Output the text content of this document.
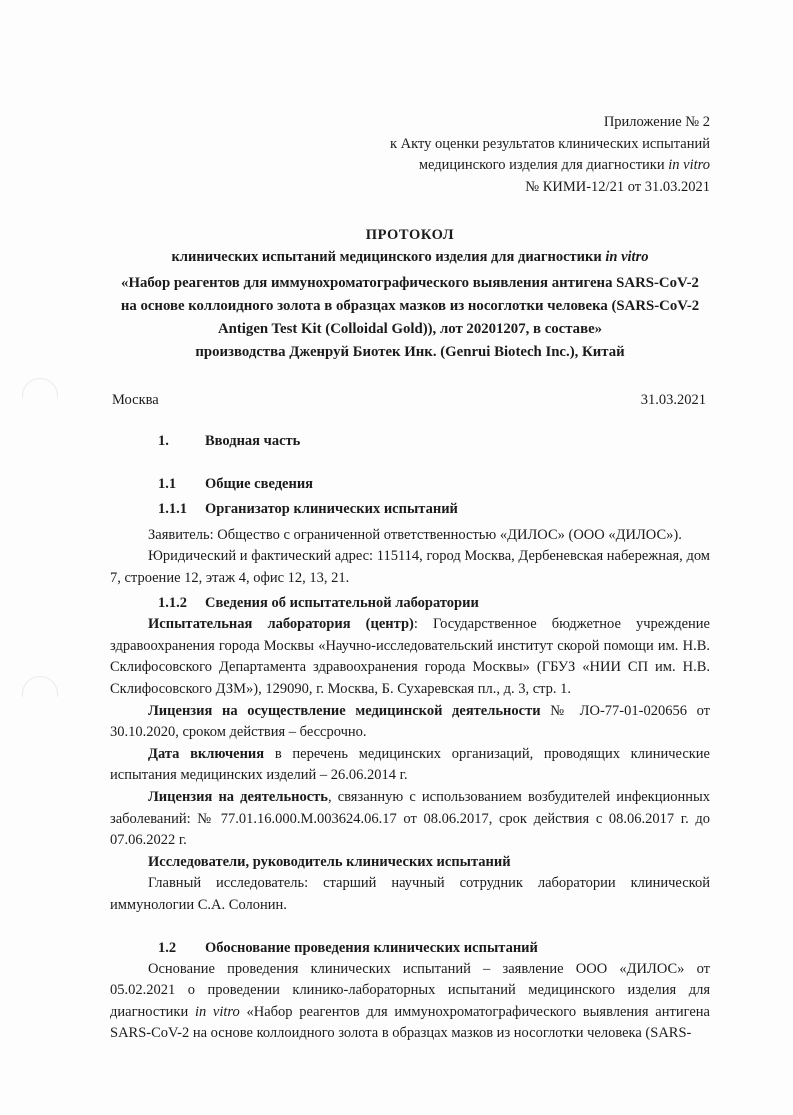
Приложение № 2
к Акту оценки результатов клинических испытаний
медицинского изделия для диагностики in vitro
№ КИМИ-12/21 от 31.03.2021
ПРОТОКОЛ
клинических испытаний медицинского изделия для диагностики in vitro
«Набор реагентов для иммунохроматографического выявления антигена SARS-CoV-2
на основе коллоидного золота в образцах мазков из носоглотки человека (SARS-CoV-2
Antigen Test Kit (Colloidal Gold)), лот 20201207, в составе»
производства Дженруй Биотек Инк. (Genrui Biotech Inc.), Китай
Москва	31.03.2021
1.	Вводная часть
1.1	Общие сведения
1.1.1	Организатор клинических испытаний

Заявитель: Общество с ограниченной ответственностью «ДИЛОС» (ООО «ДИЛОС»).

Юридический и фактический адрес: 115114, город Москва, Дербеневская набережная, дом 7, строение 12, этаж 4, офис 12, 13, 21.

1.1.2	Сведения об испытательной лаборатории

Испытательная лаборатория (центр): Государственное бюджетное учреждение здравоохранения города Москвы «Научно-исследовательский институт скорой помощи им. Н.В. Склифосовского Департамента здравоохранения города Москвы» (ГБУЗ «НИИ СП им. Н.В. Склифосовского ДЗМ»), 129090, г. Москва, Б. Сухаревская пл., д. 3, стр. 1.

Лицензия на осуществление медицинской деятельности № ЛО-77-01-020656 от 30.10.2020, сроком действия – бессрочно.

Дата включения в перечень медицинских организаций, проводящих клинические испытания медицинских изделий – 26.06.2014 г.

Лицензия на деятельность, связанную с использованием возбудителей инфекционных заболеваний: № 77.01.16.000.М.003624.06.17 от 08.06.2017, срок действия с 08.06.2017 г. до 07.06.2022 г.

Исследователи, руководитель клинических испытаний

Главный исследователь: старший научный сотрудник лаборатории клинической иммунологии С.А. Солонин.

1.2	Обоснование проведения клинических испытаний

Основание проведения клинических испытаний – заявление ООО «ДИЛОС» от 05.02.2021 о проведении клинико-лабораторных испытаний медицинского изделия для диагностики in vitro «Набор реагентов для иммунохроматографического выявления антигена SARS-CoV-2 на основе коллоидного золота в образцах мазков из носоглотки человека (SARS-
